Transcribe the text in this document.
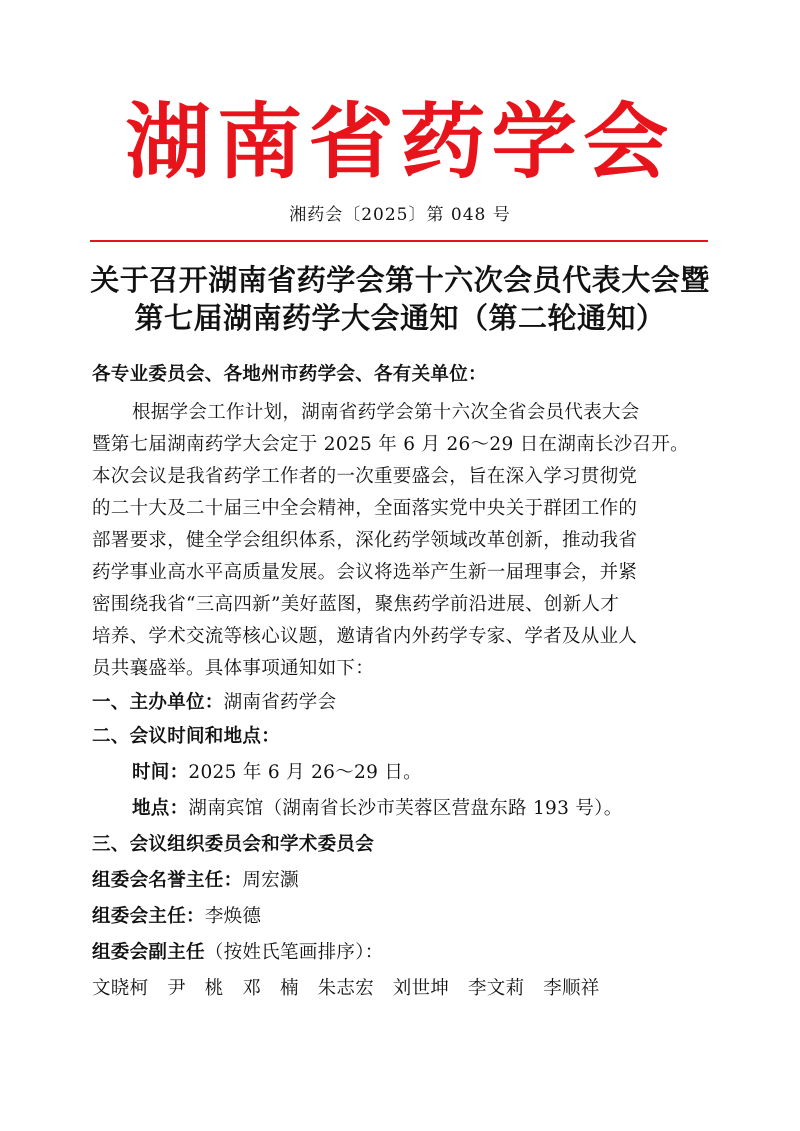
湖南省药学会
湘药会〔2025〕第 048 号
关于召开湖南省药学会第十六次会员代表大会暨
第七届湖南药学大会通知（第二轮通知）
各专业委员会、各地州市药学会、各有关单位：
根据学会工作计划，湖南省药学会第十六次全省会员代表大会
暨第七届湖南药学大会定于 2025 年 6 月 26～29 日在湖南长沙召开。
本次会议是我省药学工作者的一次重要盛会，旨在深入学习贯彻党
的二十大及二十届三中全会精神，全面落实党中央关于群团工作的
部署要求，健全学会组织体系，深化药学领域改革创新，推动我省
药学事业高水平高质量发展。会议将选举产生新一届理事会，并紧
密围绕我省“三高四新”美好蓝图，聚焦药学前沿进展、创新人才
培养、学术交流等核心议题，邀请省内外药学专家、学者及从业人
员共襄盛举。具体事项通知如下：
一、主办单位：湖南省药学会
二、会议时间和地点：
时间：2025 年 6 月 26～29 日。
地点：湖南宾馆（湖南省长沙市芙蓉区营盘东路 193 号）。
三、会议组织委员会和学术委员会
组委会名誉主任：周宏灏
组委会主任：李焕德
组委会副主任（按姓氏笔画排序）：
文晓柯　尹　桃　邓　楠　朱志宏　刘世坤　李文莉　李顺祥
